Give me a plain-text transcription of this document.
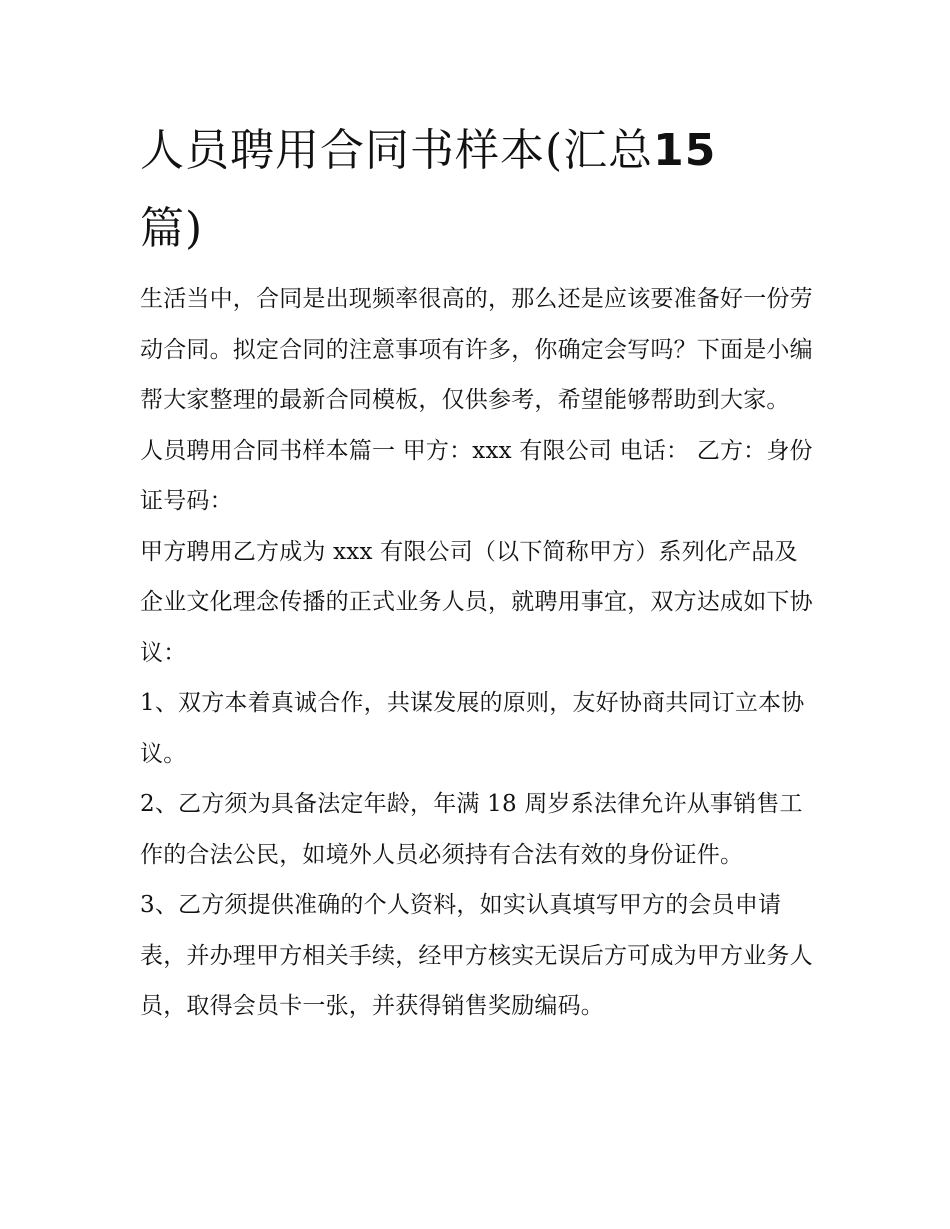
人员聘用合同书样本(汇总15
篇)

生活当中，合同是出现频率很高的，那么还是应该要准备好一份劳动合同。拟定合同的注意事项有许多，你确定会写吗？下面是小编帮大家整理的最新合同模板，仅供参考，希望能够帮助到大家。

人员聘用合同书样本篇一 甲方：xxx 有限公司 电话： 乙方：身份证号码：

甲方聘用乙方成为 xxx 有限公司（以下简称甲方）系列化产品及企业文化理念传播的正式业务人员，就聘用事宜，双方达成如下协议：

1、双方本着真诚合作，共谋发展的原则，友好协商共同订立本协议。

2、乙方须为具备法定年龄，年满 18 周岁系法律允许从事销售工作的合法公民，如境外人员必须持有合法有效的身份证件。

3、乙方须提供准确的个人资料，如实认真填写甲方的会员申请表，并办理甲方相关手续，经甲方核实无误后方可成为甲方业务人员，取得会员卡一张，并获得销售奖励编码。
